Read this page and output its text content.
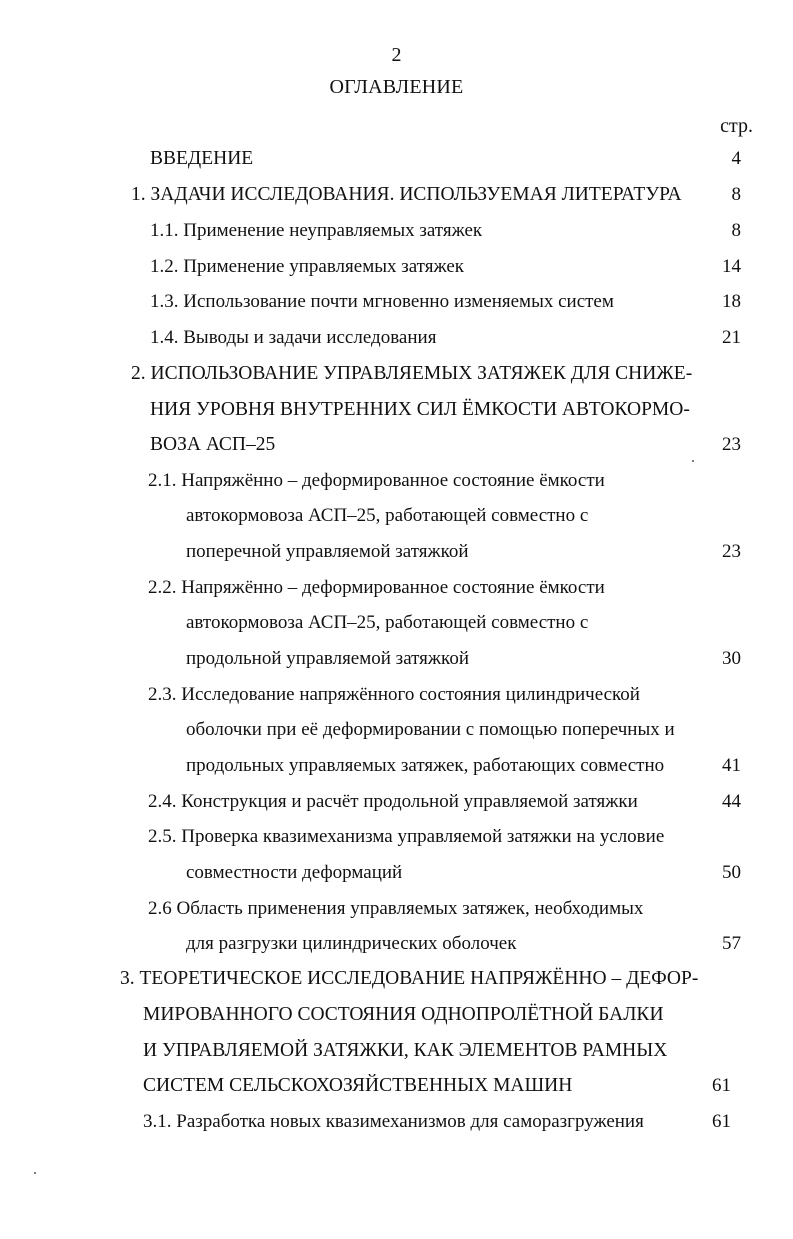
2
ОГЛАВЛЕНИЕ
стр.
ВВЕДЕНИЕ	4
1. ЗАДАЧИ ИССЛЕДОВАНИЯ. ИСПОЛЬЗУЕМАЯ ЛИТЕРАТУРА	8
1.1. Применение неуправляемых затяжек	8
1.2. Применение управляемых затяжек	14
1.3. Использование почти мгновенно изменяемых систем	18
1.4. Выводы и задачи исследования	21
2. ИСПОЛЬЗОВАНИЕ УПРАВЛЯЕМЫХ ЗАТЯЖЕК ДЛЯ СНИЖЕ-
НИЯ УРОВНЯ ВНУТРЕННИХ СИЛ ЁМКОСТИ АВТОКОРМО-
ВОЗА АСП–25	23
2.1. Напряжённо – деформированное состояние ёмкости
автокормовоза АСП–25, работающей совместно с
поперечной управляемой затяжкой	23
2.2. Напряжённо – деформированное состояние ёмкости
автокормовоза АСП–25, работающей совместно с
продольной управляемой затяжкой	30
2.3. Исследование напряжённого состояния цилиндрической
оболочки при её деформировании с помощью поперечных и
продольных управляемых затяжек, работающих совместно	41
2.4. Конструкция и расчёт продольной управляемой затяжки	44
2.5. Проверка квазимеханизма управляемой затяжки на условие
совместности деформаций	50
2.6 Область применения управляемых затяжек, необходимых
для разгрузки цилиндрических оболочек	57
3. ТЕОРЕТИЧЕСКОЕ ИССЛЕДОВАНИЕ НАПРЯЖЁННО – ДЕФОР-
МИРОВАННОГО СОСТОЯНИЯ ОДНОПРОЛЁТНОЙ БАЛКИ
И УПРАВЛЯЕМОЙ ЗАТЯЖКИ, КАК ЭЛЕМЕНТОВ РАМНЫХ
СИСТЕМ СЕЛЬСКОХОЗЯЙСТВЕННЫХ МАШИН	61
3.1. Разработка новых квазимеханизмов для саморазгружения	61
